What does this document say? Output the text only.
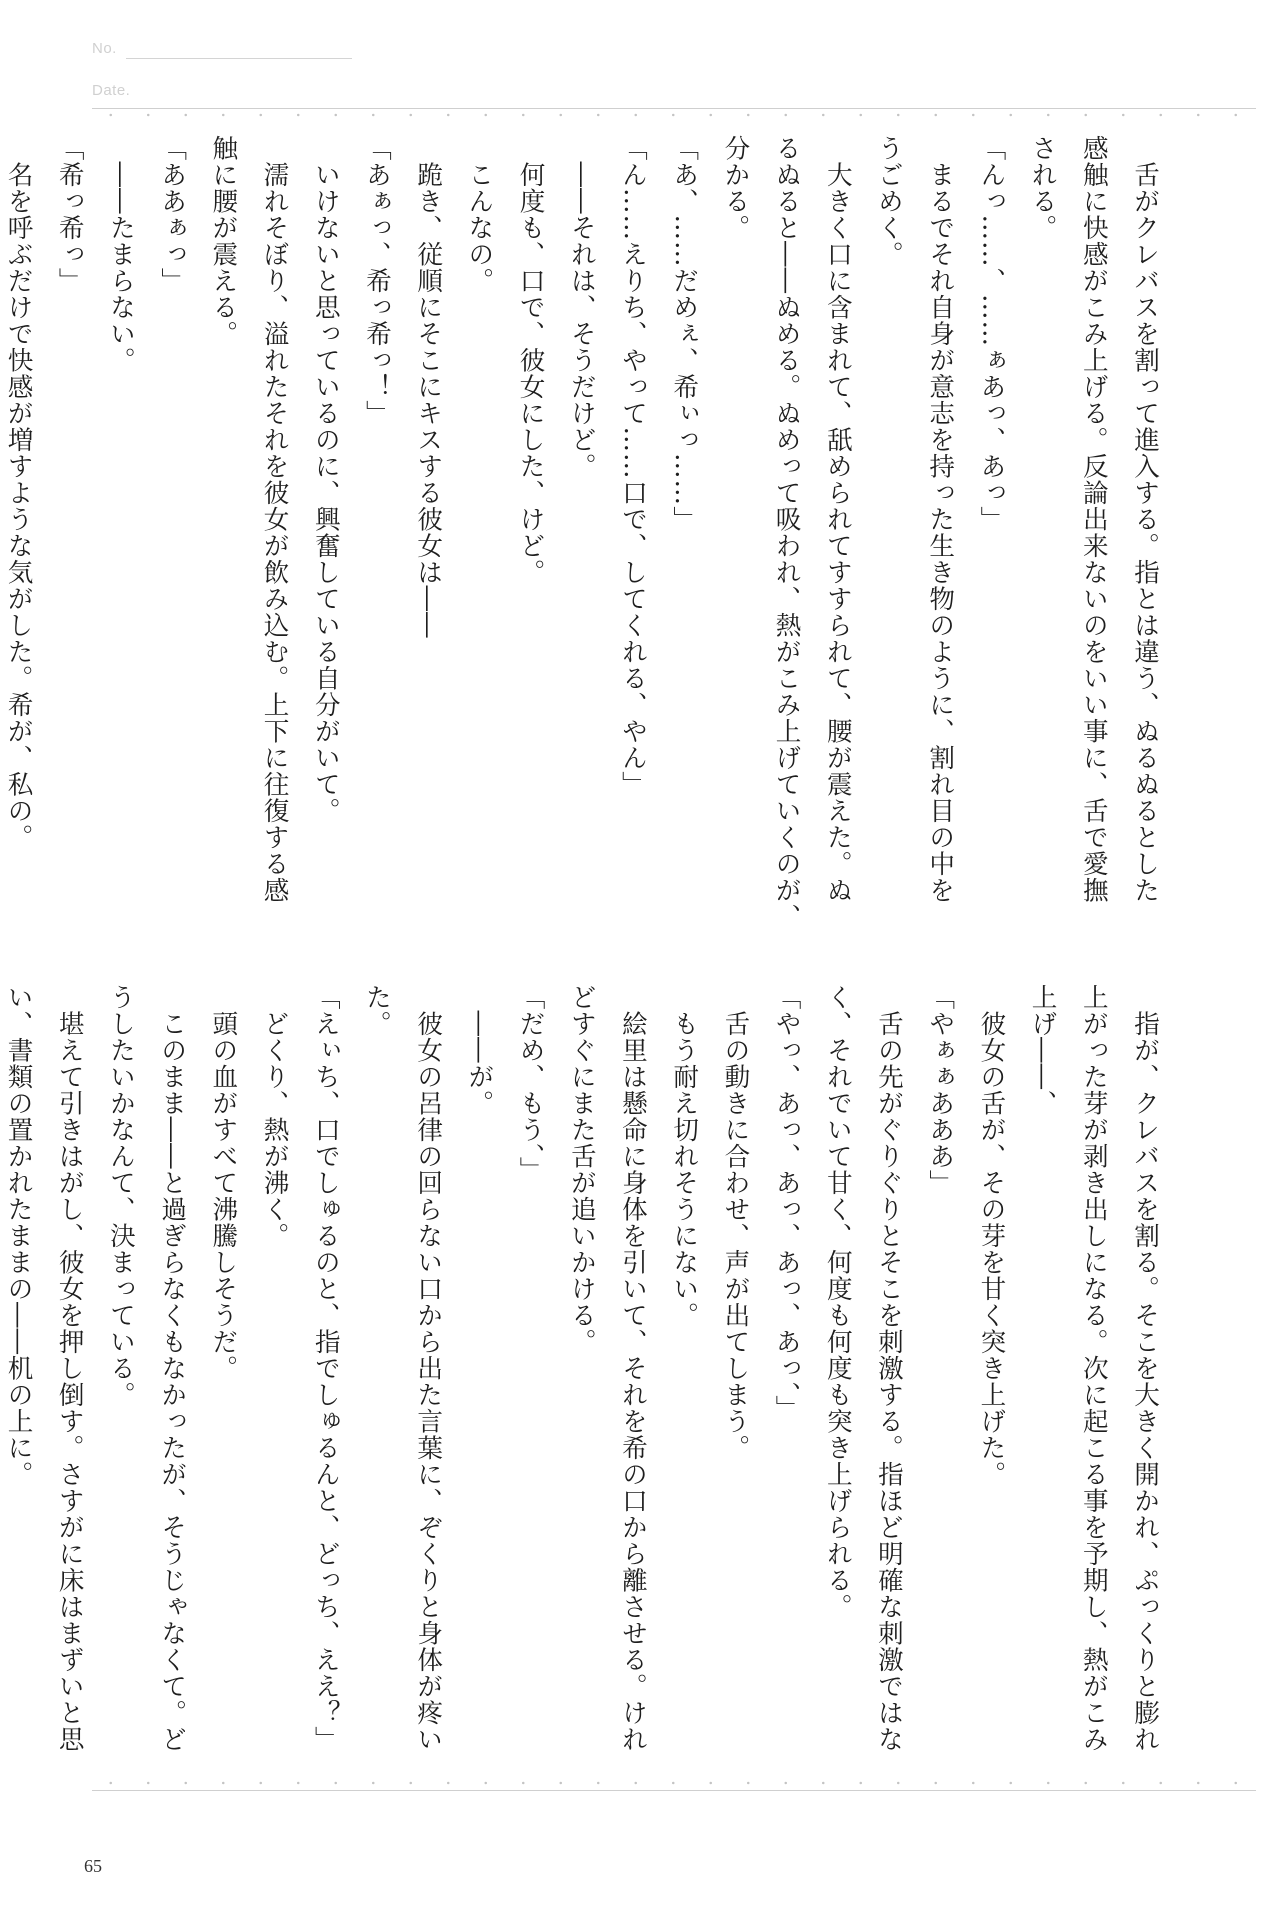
No.
Date.
　舌がクレバスを割って進入する。指とは違う、ぬるぬるとした
感触に快感がこみ上げる。反論出来ないのをいい事に、舌で愛撫
される。
「んっ……、……ぁあっ、あっ」
　まるでそれ自身が意志を持った生き物のように、割れ目の中を
うごめく。
　大きく口に含まれて、舐められてすすられて、腰が震えた。ぬ
るぬると――ぬめる。ぬめって吸われ、熱がこみ上げていくのが、
分かる。
「あ、……だめぇ、希ぃっ……」
「ん……えりち、やって……口で、してくれる、やん」
　――それは、そうだけど。
　何度も、口で、彼女にした、けど。
　こんなの。
　跪き、従順にそこにキスする彼女は――
「あぁっ、希っ希っ！」
　いけないと思っているのに、興奮している自分がいて。
　濡れそぼり、溢れたそれを彼女が飲み込む。上下に往復する感
触に腰が震える。
「ああぁっ」
　――たまらない。
「希っ希っ」
　名を呼ぶだけで快感が増すような気がした。希が、私の。
　指が、クレバスを割る。そこを大きく開かれ、ぷっくりと膨れ
上がった芽が剥き出しになる。次に起こる事を予期し、熱がこみ
上げ――、
　彼女の舌が、その芽を甘く突き上げた。
「やぁぁあああ」
　舌の先がぐりぐりとそこを刺激する。指ほど明確な刺激ではな
く、それでいて甘く、何度も何度も突き上げられる。
「やっ、あっ、あっ、あっ、あっ、」
　舌の動きに合わせ、声が出てしまう。
　もう耐え切れそうにない。
　絵里は懸命に身体を引いて、それを希の口から離させる。けれ
どすぐにまた舌が追いかける。
「だめ、もう、」
　――が。
　彼女の呂律の回らない口から出た言葉に、ぞくりと身体が疼い
た。
「えぃち、口でしゅるのと、指でしゅるんと、どっち、ええ？」
　どくり、熱が沸く。
　頭の血がすべて沸騰しそうだ。
　このまま――と過ぎらなくもなかったが、そうじゃなくて。ど
うしたいかなんて、決まっている。
　堪えて引きはがし、彼女を押し倒す。さすがに床はまずいと思
い、書類の置かれたままの――机の上に。
65
